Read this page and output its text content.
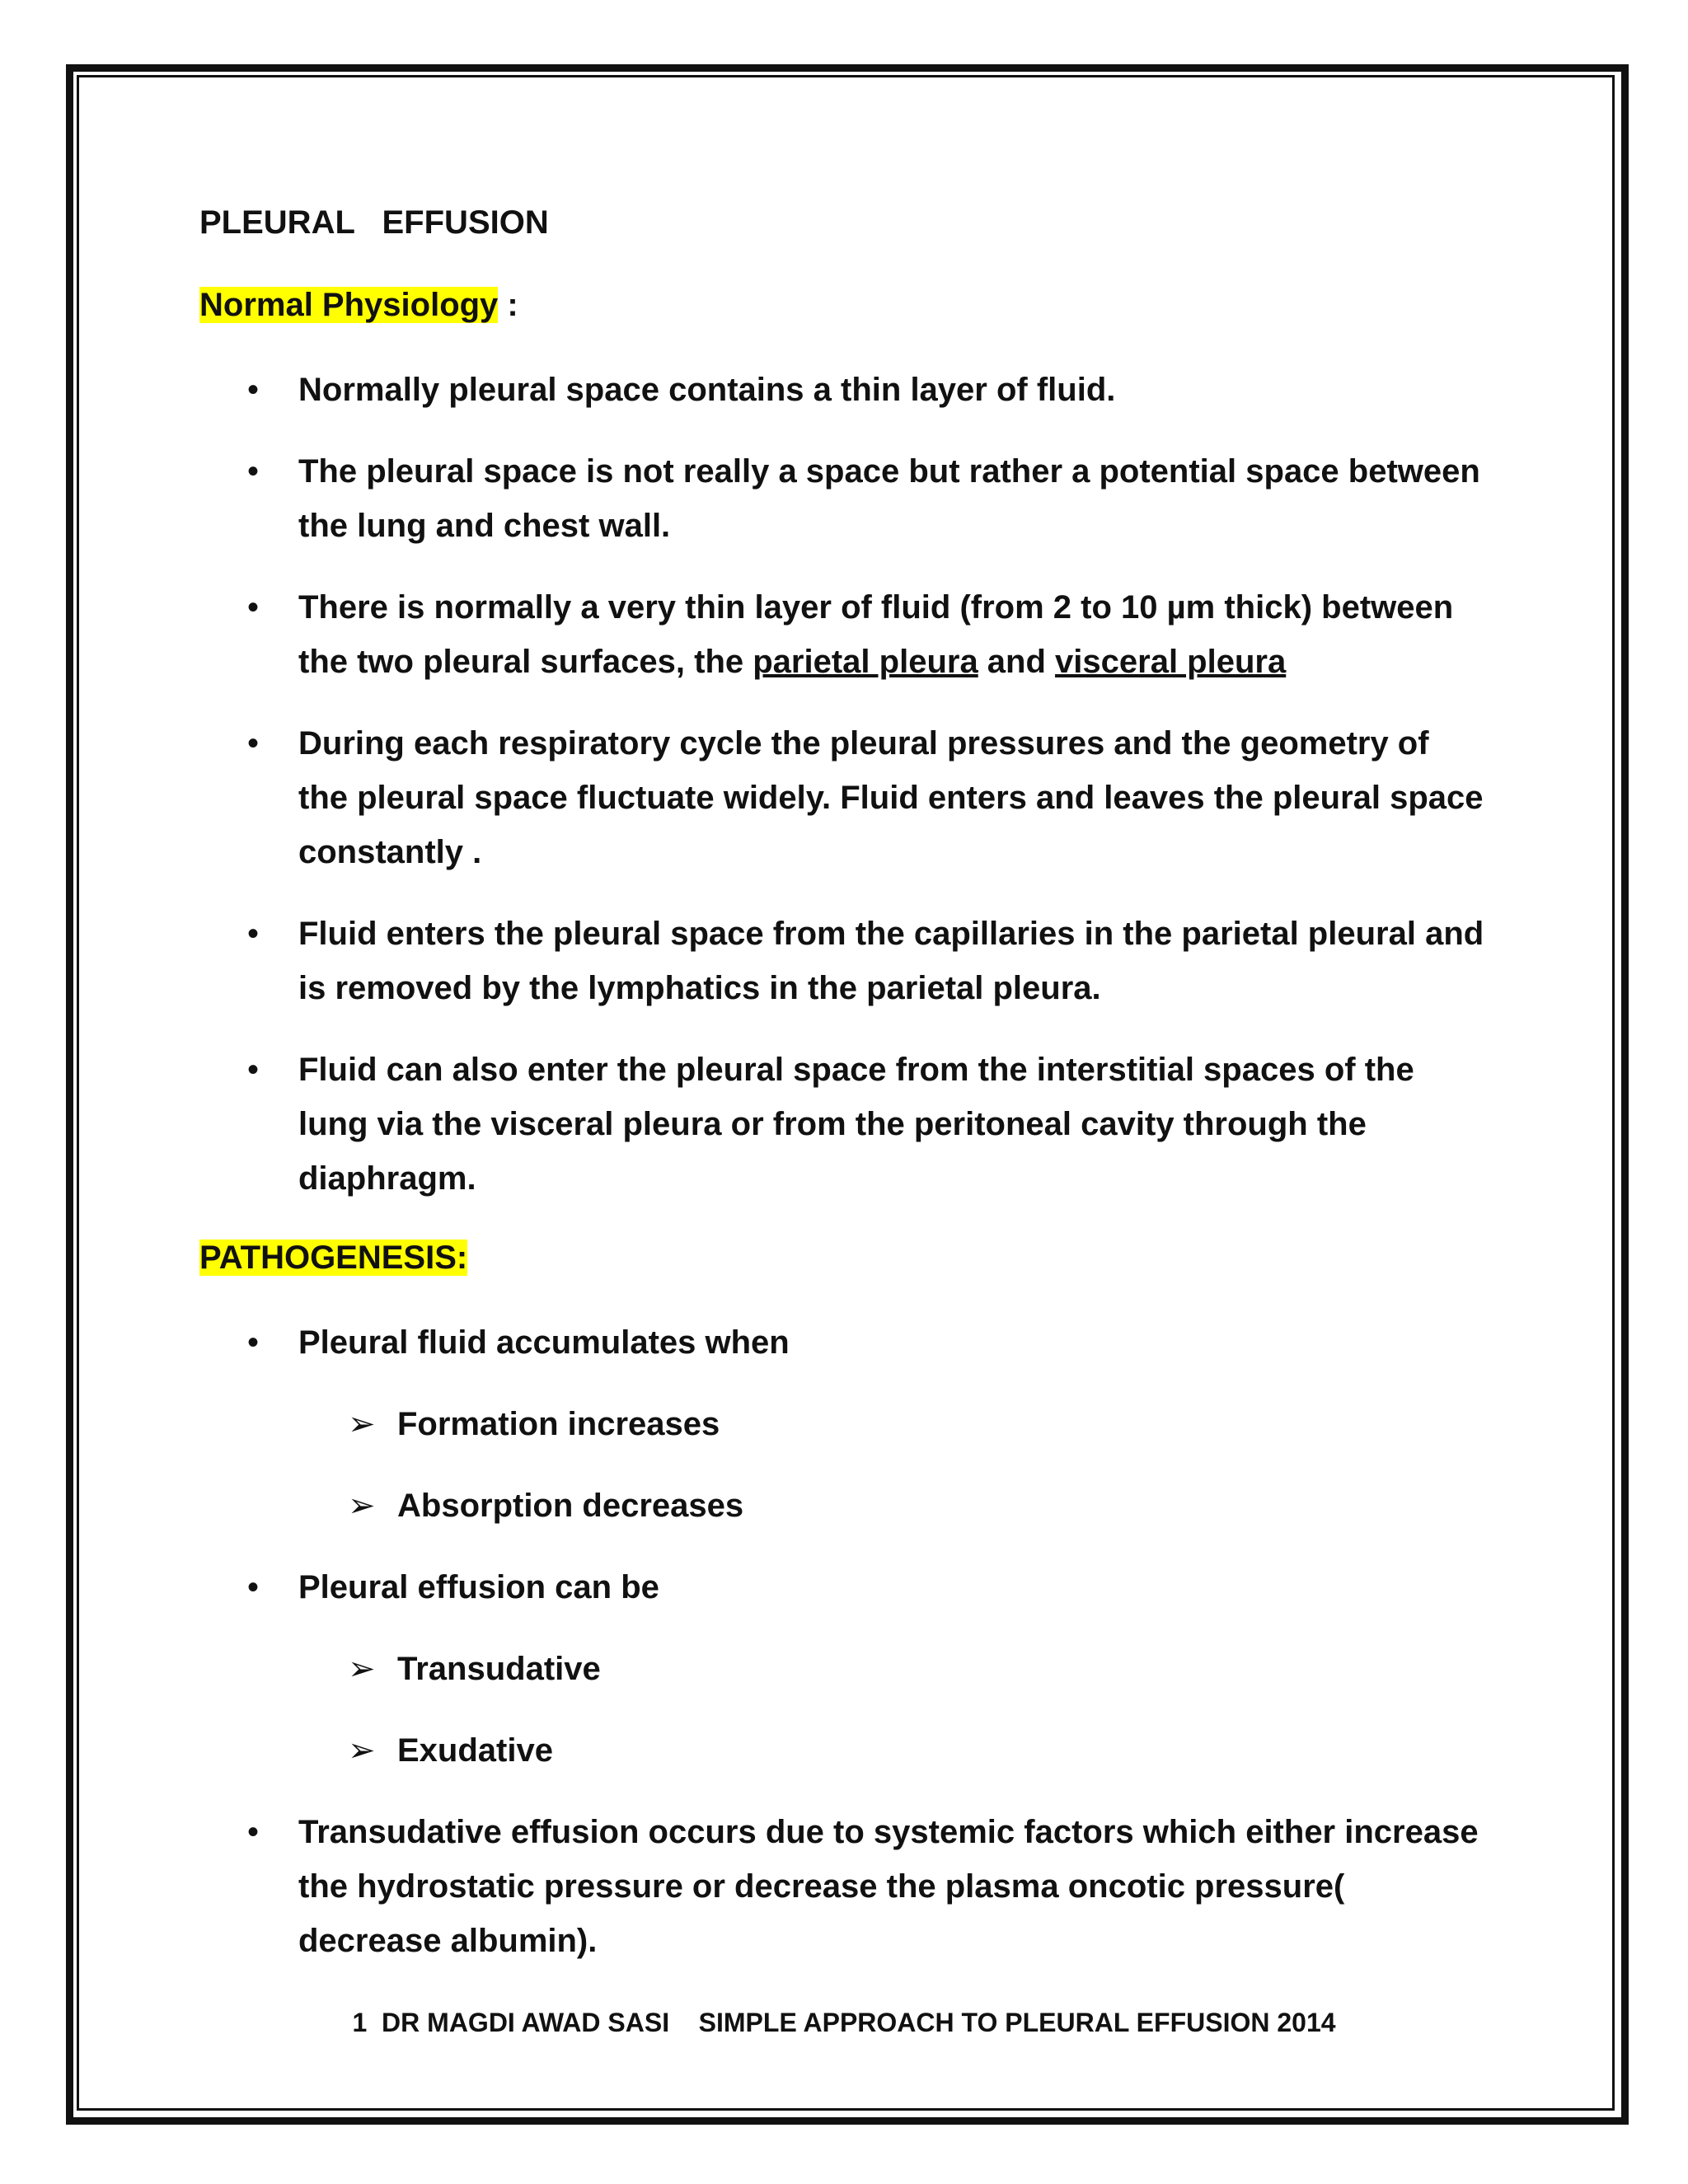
PLEURAL   EFFUSION
Normal Physiology :
• Normally pleural space contains a thin layer of fluid.
• The pleural space is not really a space but rather a potential space between the lung and chest wall.
• There is normally a very thin layer of fluid (from 2 to 10 µm thick) between the two pleural surfaces, the parietal pleura and visceral pleura
• During each respiratory cycle the pleural pressures and the geometry of the pleural space fluctuate widely. Fluid enters and leaves the pleural space constantly .
• Fluid enters the pleural space from the capillaries in the parietal pleural and is removed by the lymphatics in the parietal pleura.
• Fluid can also enter the pleural space from the interstitial spaces of the lung via the visceral pleura or from the peritoneal cavity through the diaphragm.
PATHOGENESIS:
• Pleural fluid accumulates when
➢ Formation increases
➢ Absorption decreases
• Pleural effusion can be
➢ Transudative
➢ Exudative
• Transudative effusion occurs due to systemic factors which either increase the hydrostatic pressure or decrease the plasma oncotic pressure( decrease albumin).
1  DR MAGDI AWAD SASI    SIMPLE APPROACH TO PLEURAL EFFUSION 2014
